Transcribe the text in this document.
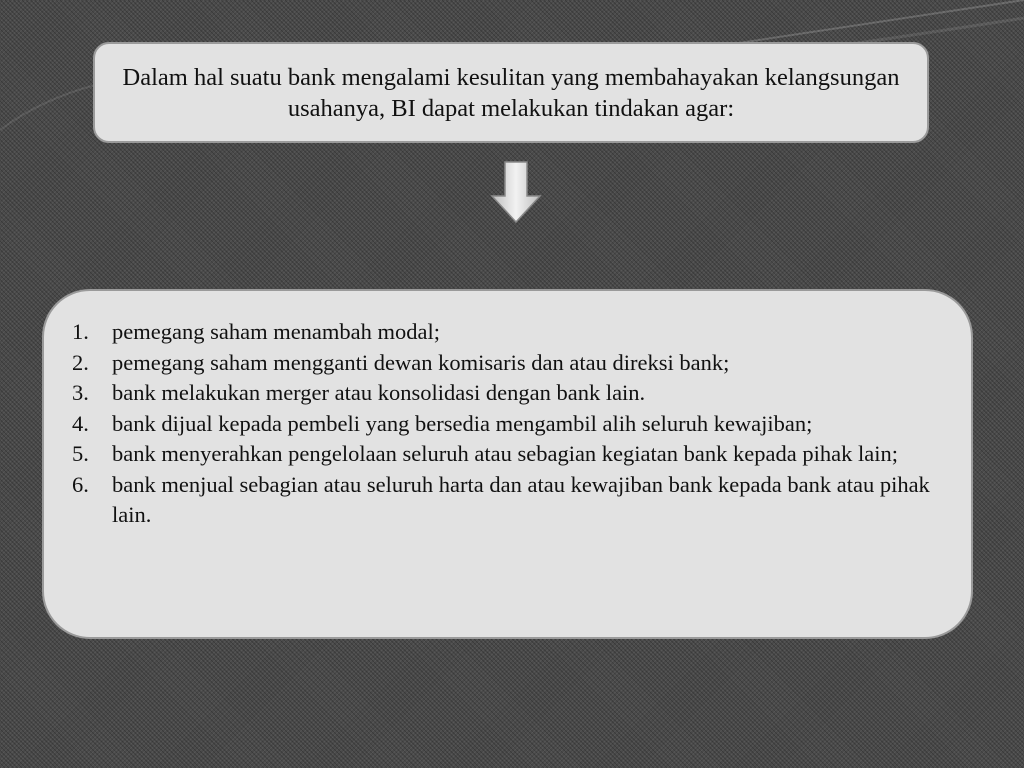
Dalam hal suatu bank mengalami kesulitan yang membahayakan kelangsungan usahanya, BI dapat melakukan tindakan agar:
1. pemegang saham menambah modal;
2. pemegang saham mengganti dewan komisaris dan atau direksi bank;
3. bank melakukan merger atau konsolidasi dengan bank lain.
4. bank dijual kepada pembeli yang bersedia mengambil alih seluruh kewajiban;
5. bank menyerahkan pengelolaan seluruh atau sebagian kegiatan bank kepada pihak lain;
6. bank menjual sebagian atau seluruh harta dan atau kewajiban bank kepada bank atau pihak lain.
